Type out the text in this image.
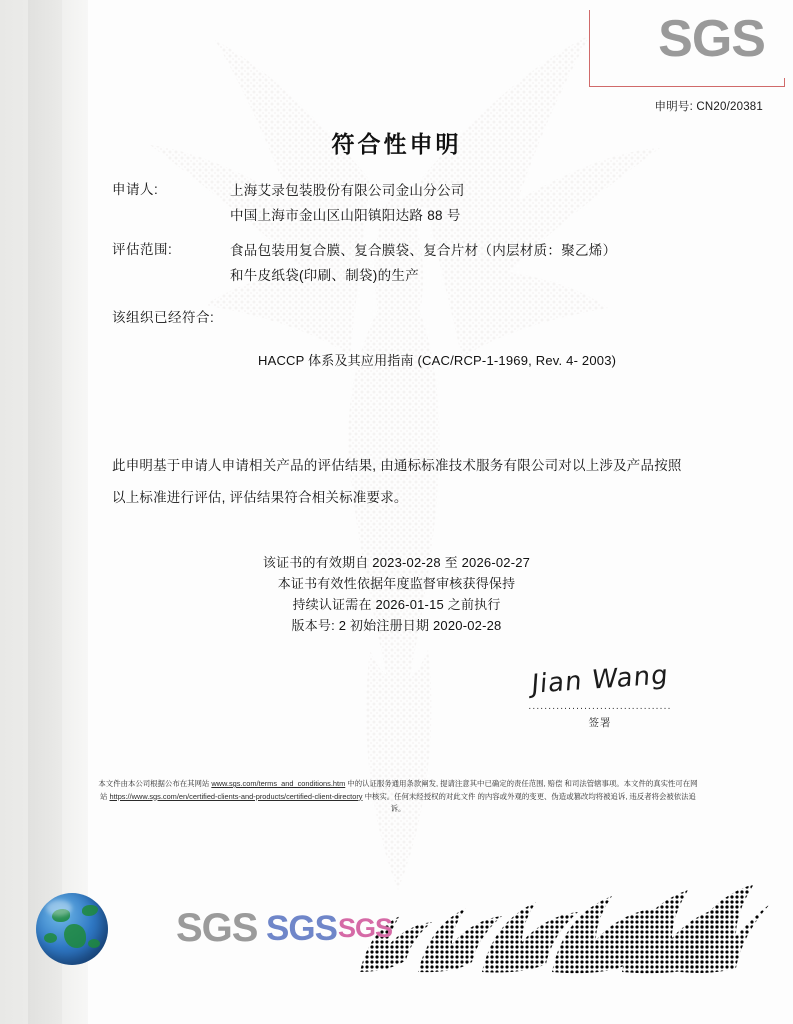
SGS
申明号: CN20/20381
符合性申明
申请人:	上海艾录包装股份有限公司金山分公司
中国上海市金山区山阳镇阳达路 88 号
评估范围:	食品包装用复合膜、复合膜袋、复合片材（内层材质：聚乙烯）
和牛皮纸袋(印刷、制袋)的生产
该组织已经符合:
HACCP 体系及其应用指南 (CAC/RCP-1-1969, Rev. 4- 2003)
此申明基于申请人申请相关产品的评估结果, 由通标标准技术服务有限公司对以上涉及产品按照以上标准进行评估, 评估结果符合相关标准要求。
该证书的有效期自 2023-02-28 至 2026-02-27
本证书有效性依据年度监督审核获得保持
持续认证需在 2026-01-15 之前执行
版本号: 2 初始注册日期 2020-02-28
Jian Wang
....................................
签署
本文件由本公司根据公布在其网站 www.sgs.com/terms_and_conditions.htm 中的认证服务通用条款阐发, 提请注意其中已确定的责任范围, 赔偿 和司法管辖事项。本文件的真实性可在网站 https://www.sgs.com/en/certified-clients-and-products/certified-client-directory 中核实。任何未经授权的对此文件 的内容或外观的变更、伪造或篡改均将被追诉, 违反者将会被依法追诉。
SGS SGS SGS
